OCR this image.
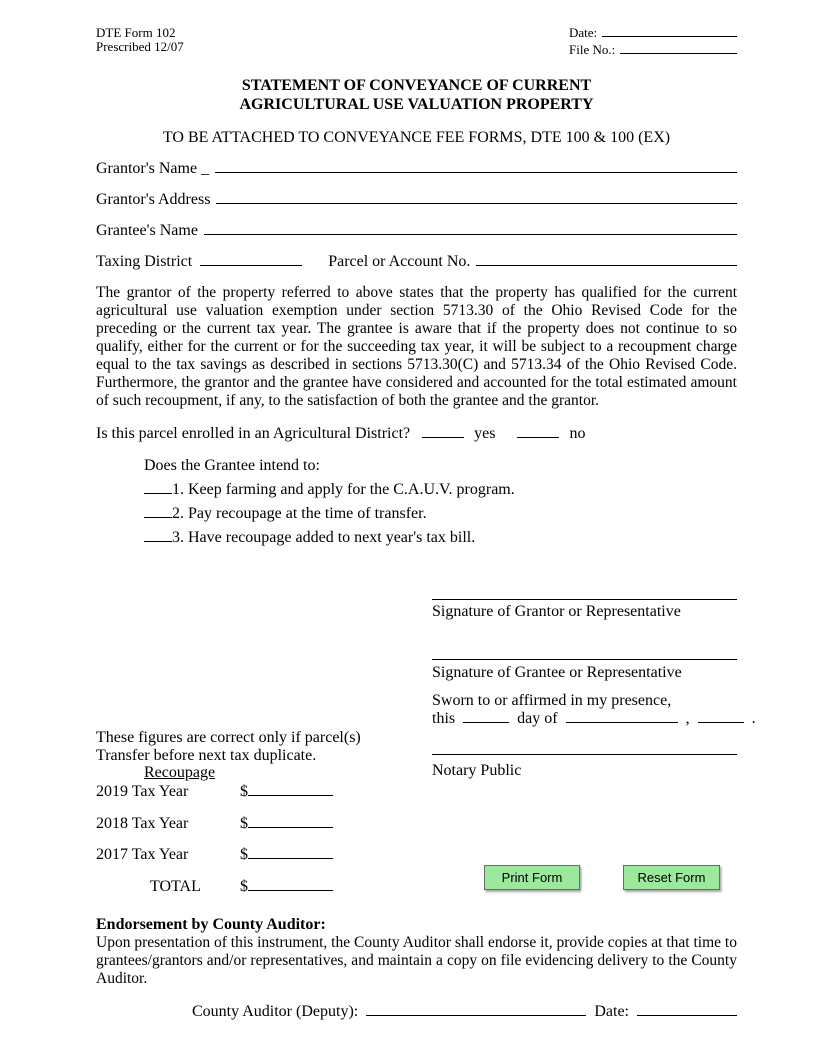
DTE Form 102
Prescribed 12/07
Date:
File No.:
STATEMENT OF CONVEYANCE OF CURRENT
AGRICULTURAL USE VALUATION PROPERTY
TO BE ATTACHED TO CONVEYANCE FEE FORMS, DTE 100 & 100 (EX)
Grantor's Name _
Grantor's Address
Grantee's Name
Taxing District	Parcel or Account No.
The grantor of the property referred to above states that the property has qualified for the current agricultural use valuation exemption under section 5713.30 of the Ohio Revised Code for the preceding or the current tax year. The grantee is aware that if the property does not continue to so qualify, either for the current or for the succeeding tax year, it will be subject to a recoupment charge equal to the tax savings as described in sections 5713.30(C) and 5713.34 of the Ohio Revised Code. Furthermore, the grantor and the grantee have considered and accounted for the total estimated amount of such recoupment, if any, to the satisfaction of both the grantee and the grantor.
Is this parcel enrolled in an Agricultural District?	yes	no
Does the Grantee intend to:
1. Keep farming and apply for the C.A.U.V. program.
2. Pay recoupage at the time of transfer.
3. Have recoupage added to next year's tax bill.
Signature of Grantor or Representative
Signature of Grantee or Representative
Sworn to or affirmed in my presence,
this	day of	,	.
Notary Public
These figures are correct only if parcel(s)
Transfer before next tax duplicate.
Recoupage
2019 Tax Year	$
2018 Tax Year	$
2017 Tax Year	$
TOTAL $
Print Form	Reset Form
Endorsement by County Auditor:
Upon presentation of this instrument, the County Auditor shall endorse it, provide copies at that time to grantees/grantors and/or representatives, and maintain a copy on file evidencing delivery to the County Auditor.
County Auditor (Deputy):	Date:
